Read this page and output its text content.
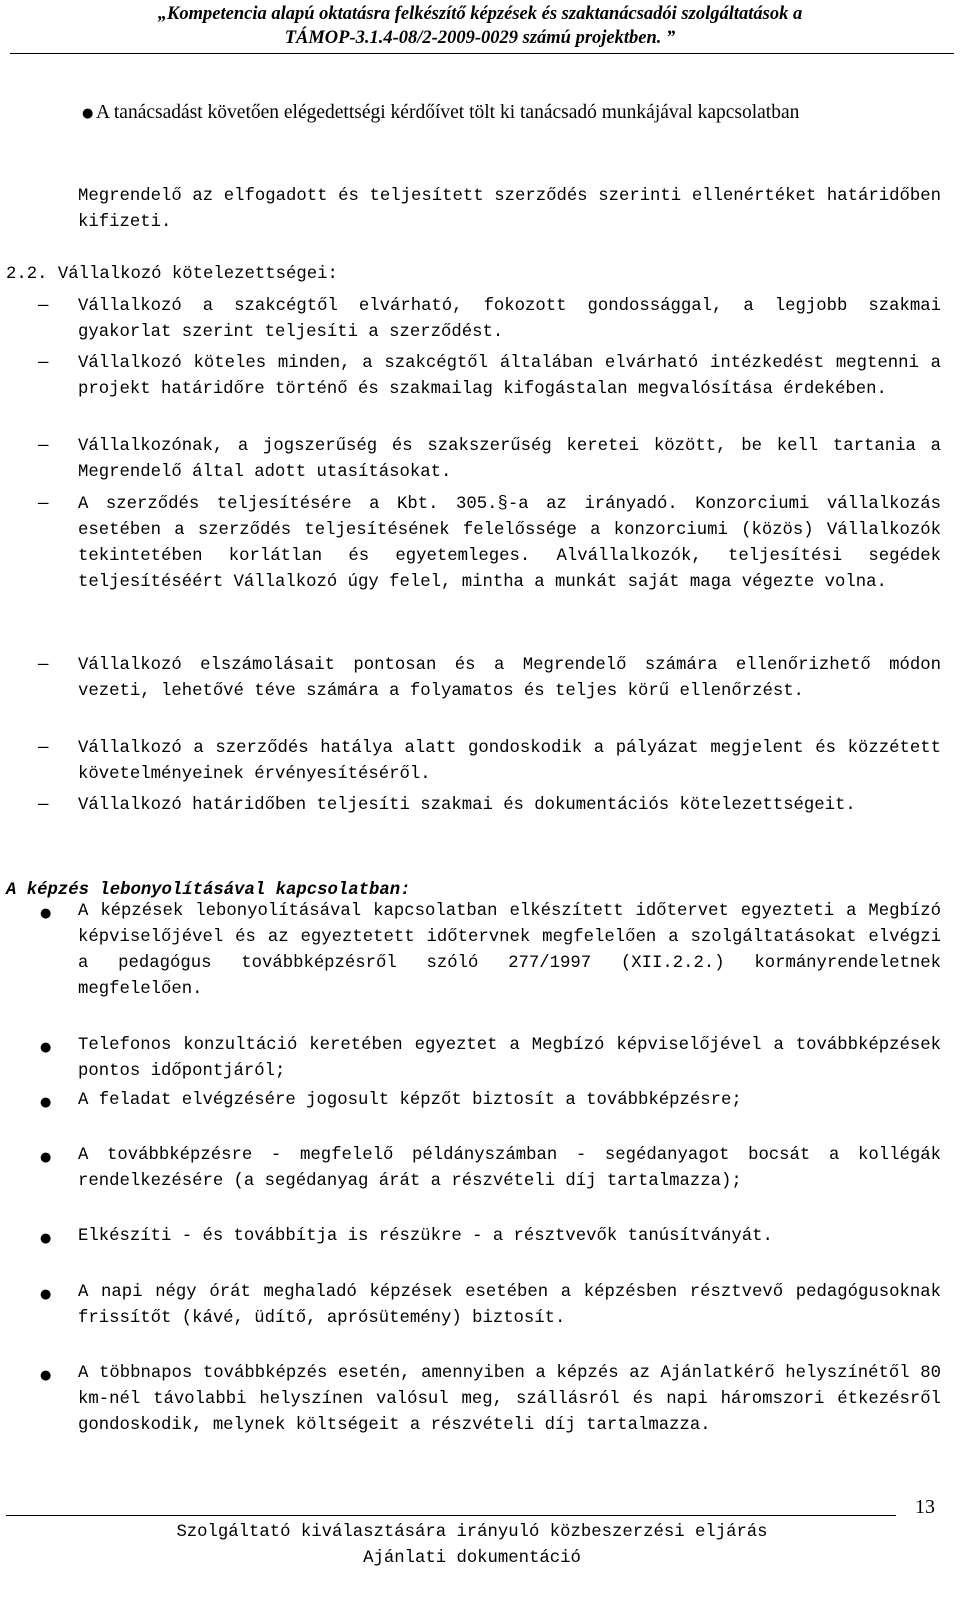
„Kompetencia alapú oktatásra felkészítő képzések és szaktanácsadói szolgáltatások a
TÁMOP-3.1.4-08/2-2009-0029 számú projektben. ”
● A tanácsadást követően elégedettségi kérdőívet tölt ki tanácsadó munkájával kapcsolatban

Megrendelő az elfogadott és teljesített szerződés szerinti ellenértéket határidőben kifizeti.

2.2. Vállalkozó kötelezettségei:
— Vállalkozó a szakcégtől elvárható, fokozott gondossággal, a legjobb szakmai gyakorlat szerint teljesíti a szerződést.

— Vállalkozó köteles minden, a szakcégtől általában elvárható intézkedést megtenni a projekt határidőre történő és szakmailag kifogástalan megvalósítása érdekében.

— Vállalkozónak, a jogszerűség és szakszerűség keretei között, be kell tartania a Megrendelő által adott utasításokat.

— A szerződés teljesítésére a Kbt. 305.§-a az irányadó. Konzorciumi vállalkozás esetében a szerződés teljesítésének felelőssége a konzorciumi (közös) Vállalkozók tekintetében korlátlan és egyetemleges. Alvállalkozók, teljesítési segédek teljesítéséért Vállalkozó úgy felel, mintha a munkát saját maga végezte volna.

— Vállalkozó elszámolásait pontosan és a Megrendelő számára ellenőrizhető módon vezeti, lehetővé téve számára a folyamatos és teljes körű ellenőrzést.

— Vállalkozó a szerződés hatálya alatt gondoskodik a pályázat megjelent és közzétett követelményeinek érvényesítéséről.

— Vállalkozó határidőben teljesíti szakmai és dokumentációs kötelezettségeit.

A képzés lebonyolításával kapcsolatban:
● A képzések lebonyolításával kapcsolatban elkészített időtervet egyezteti a Megbízó képviselőjével és az egyeztetett időtervnek megfelelően a szolgáltatásokat elvégzi a pedagógus továbbképzésről szóló 277/1997 (XII.2.2.) kormányrendeletnek megfelelően.

● Telefonos konzultáció keretében egyeztet a Megbízó képviselőjével a továbbképzések pontos időpontjáról;

● A feladat elvégzésére jogosult képzőt biztosít a továbbképzésre;

● A továbbképzésre - megfelelő példányszámban - segédanyagot bocsát a kollégák rendelkezésére (a segédanyag árát a részvételi díj tartalmazza);

● Elkészíti - és továbbítja is részükre - a résztvevők tanúsítványát.

● A napi négy órát meghaladó képzések esetében a képzésben résztvevő pedagógusoknak frissítőt (kávé, üdítő, aprósütemény) biztosít.

● A többnapos továbbképzés esetén, amennyiben a képzés az Ajánlatkérő helyszínétől 80 km-nél távolabbi helyszínen valósul meg, szállásról és napi háromszori étkezésről gondoskodik, melynek költségeit a részvételi díj tartalmazza.

13
Szolgáltató kiválasztására irányuló közbeszerzési eljárás
Ajánlati dokumentáció
